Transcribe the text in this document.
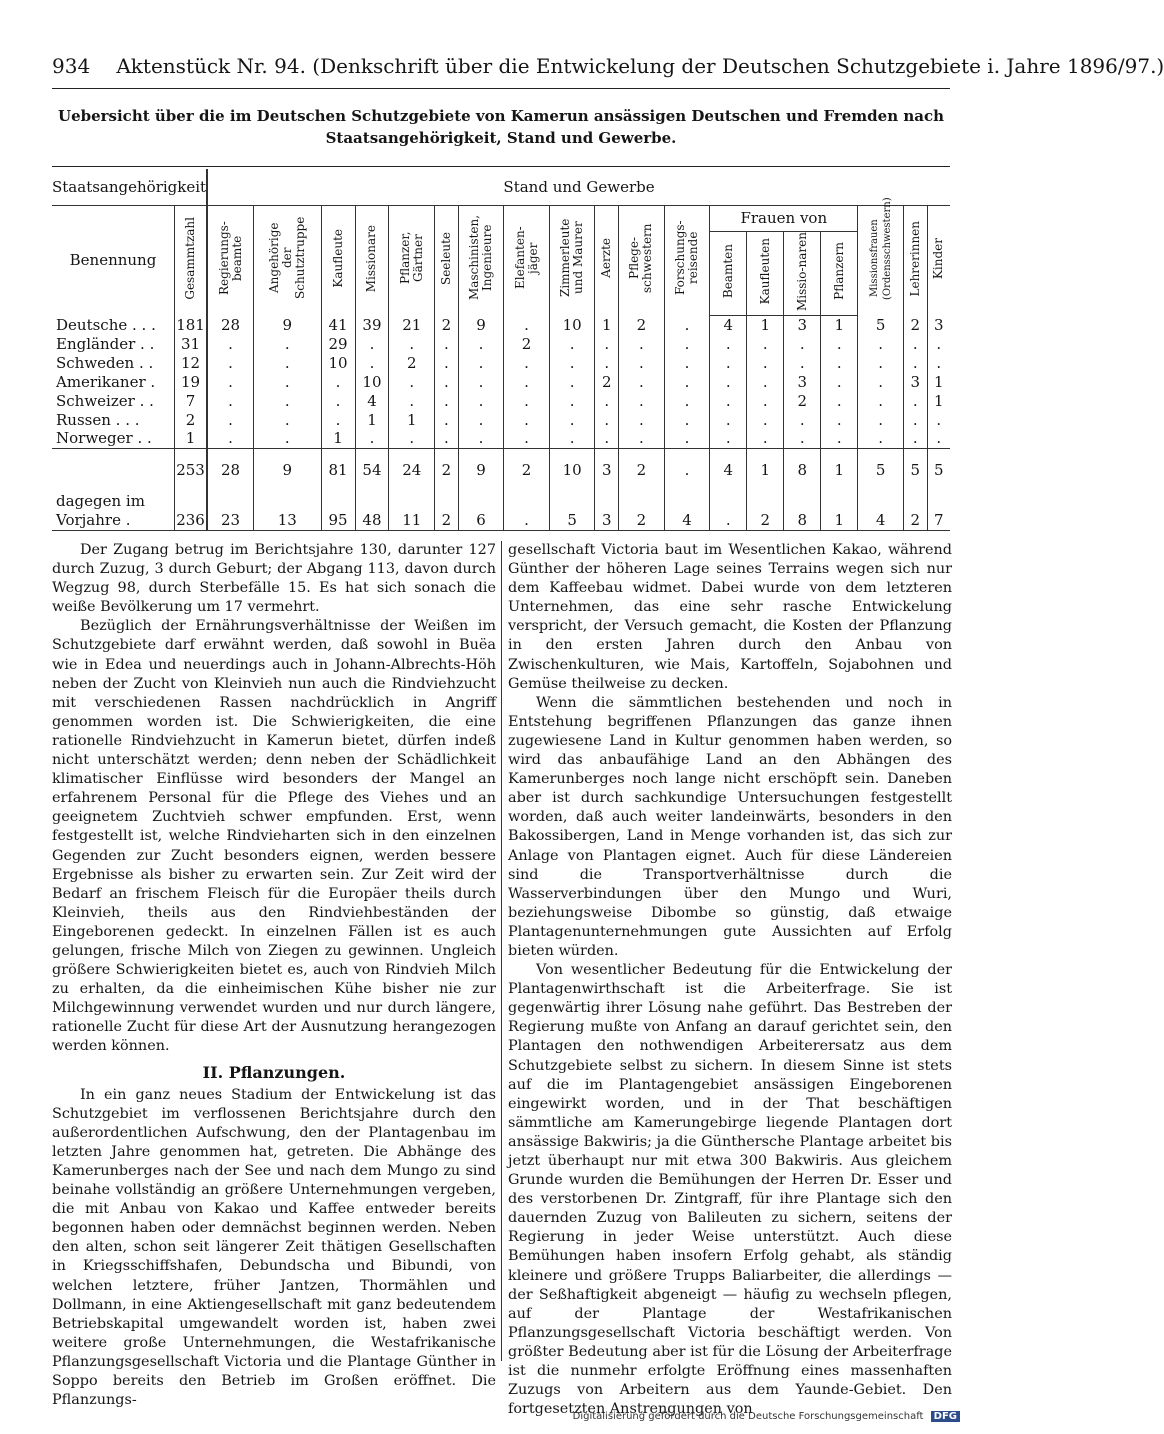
934 Aktenstück Nr. 94. (Denkschrift über die Entwickelung der Deutschen Schutzgebiete i. Jahre 1896/97.)
Uebersicht über die im Deutschen Schutzgebiete von Kamerun ansässigen Deutschen und Fremden nach Staatsangehörigkeit, Stand und Gewerbe.
Staatsangehörigkeit		Stand und Gewerbe																		
Benennung	Gesammtzahl	Regierungs-beamte	Angehörige der Schutztruppe	Kaufleute	Missionare	Pflanzer, Gärtner	Seeleute	Maschinisten, Ingenieure	Elefanten-jäger	Zimmerleute und Maurer	Aerzte	Pflege-schwestern	Forschungs-reisende	Frauen von				Missionsfrauen (Ordensschwestern)	Lehrerinnen	Kinder
														Beamten	Kaufleuten	Missio-naren	Pflanzern			
Deutsche . . .	181	28	9	41	39	21	2	9	.	10	1	2	.	4	1	3	1	5	2	3
Engländer . .	31	.	.	29	.	.	.	.	2	.	.	.	.	.	.	.	.	.	.	.
Schweden . .	12	.	.	10	.	2	.	.	.	.	.	.	.	.	.	.	.	.	.	.
Amerikaner .	19	.	.	.	10	.	.	.	.	.	2	.	.	.	.	3	.	.	3	1
Schweizer . .	7	.	.	.	4	.	.	.	.	.	.	.	.	.	.	2	.	.	.	1
Russen . . .	2	.	.	.	1	1	.	.	.	.	.	.	.	.	.	.	.	.	.	.
Norweger . .	1	.	.	1	.	.	.	.	.	.	.	.	.	.	.	.	.	.	.	.
	253	28	9	81	54	24	2	9	2	10	3	2	.	4	1	8	1	5	5	5
dagegen im																				
Vorjahre .	236	23	13	95	48	11	2	6	.	5	3	2	4	.	2	8	1	4	2	7

Der Zugang betrug im Berichtsjahre 130, darunter 127 durch Zuzug, 3 durch Geburt; der Abgang 113, davon durch Wegzug 98, durch Sterbefälle 15. Es hat sich sonach die weiße Bevölkerung um 17 vermehrt.

Bezüglich der Ernährungsverhältnisse der Weißen im Schutzgebiete darf erwähnt werden, daß sowohl in Buëa wie in Edea und neuerdings auch in Johann-Albrechts-Höh neben der Zucht von Kleinvieh nun auch die Rindviehzucht mit verschiedenen Rassen nachdrücklich in Angriff genommen worden ist. Die Schwierigkeiten, die eine rationelle Rindviehzucht in Kamerun bietet, dürfen indeß nicht unterschätzt werden; denn neben der Schädlichkeit klimatischer Einflüsse wird besonders der Mangel an erfahrenem Personal für die Pflege des Viehes und an geeignetem Zuchtvieh schwer empfunden. Erst, wenn festgestellt ist, welche Rindvieharten sich in den einzelnen Gegenden zur Zucht besonders eignen, werden bessere Ergebnisse als bisher zu erwarten sein. Zur Zeit wird der Bedarf an frischem Fleisch für die Europäer theils durch Kleinvieh, theils aus den Rindviehbeständen der Eingeborenen gedeckt. In einzelnen Fällen ist es auch gelungen, frische Milch von Ziegen zu gewinnen. Ungleich größere Schwierigkeiten bietet es, auch von Rindvieh Milch zu erhalten, da die einheimischen Kühe bisher nie zur Milchgewinnung verwendet wurden und nur durch längere, rationelle Zucht für diese Art der Ausnutzung herangezogen werden können.

II. Pflanzungen.

In ein ganz neues Stadium der Entwickelung ist das Schutzgebiet im verflossenen Berichtsjahre durch den außerordentlichen Aufschwung, den der Plantagenbau im letzten Jahre genommen hat, getreten. Die Abhänge des Kamerunberges nach der See und nach dem Mungo zu sind beinahe vollständig an größere Unternehmungen vergeben, die mit Anbau von Kakao und Kaffee entweder bereits begonnen haben oder demnächst beginnen werden. Neben den alten, schon seit längerer Zeit thätigen Gesellschaften in Kriegsschiffshafen, Debundscha und Bibundi, von welchen letztere, früher Jantzen, Thormählen und Dollmann, in eine Aktiengesellschaft mit ganz bedeutendem Betriebskapital umgewandelt worden ist, haben zwei weitere große Unternehmungen, die Westafrikanische Pflanzungsgesellschaft Victoria und die Plantage Günther in Soppo bereits den Betrieb im Großen eröffnet. Die Pflanzungs-

gesellschaft Victoria baut im Wesentlichen Kakao, während Günther der höheren Lage seines Terrains wegen sich nur dem Kaffeebau widmet. Dabei wurde von dem letzteren Unternehmen, das eine sehr rasche Entwickelung verspricht, der Versuch gemacht, die Kosten der Pflanzung in den ersten Jahren durch den Anbau von Zwischenkulturen, wie Mais, Kartoffeln, Sojabohnen und Gemüse theilweise zu decken.

Wenn die sämmtlichen bestehenden und noch in Entstehung begriffenen Pflanzungen das ganze ihnen zugewiesene Land in Kultur genommen haben werden, so wird das anbaufähige Land an den Abhängen des Kamerunberges noch lange nicht erschöpft sein. Daneben aber ist durch sachkundige Untersuchungen festgestellt worden, daß auch weiter landeinwärts, besonders in den Bakossibergen, Land in Menge vorhanden ist, das sich zur Anlage von Plantagen eignet. Auch für diese Ländereien sind die Transportverhältnisse durch die Wasserverbindungen über den Mungo und Wuri, beziehungsweise Dibombe so günstig, daß etwaige Plantagenunternehmungen gute Aussichten auf Erfolg bieten würden.

Von wesentlicher Bedeutung für die Entwickelung der Plantagenwirthschaft ist die Arbeiterfrage. Sie ist gegenwärtig ihrer Lösung nahe geführt. Das Bestreben der Regierung mußte von Anfang an darauf gerichtet sein, den Plantagen den nothwendigen Arbeiterersatz aus dem Schutzgebiete selbst zu sichern. In diesem Sinne ist stets auf die im Plantagengebiet ansässigen Eingeborenen eingewirkt worden, und in der That beschäftigen sämmtliche am Kamerungebirge liegende Plantagen dort ansässige Bakwiris; ja die Günthersche Plantage arbeitet bis jetzt überhaupt nur mit etwa 300 Bakwiris. Aus gleichem Grunde wurden die Bemühungen der Herren Dr. Esser und des verstorbenen Dr. Zintgraff, für ihre Plantage sich den dauernden Zuzug von Balileuten zu sichern, seitens der Regierung in jeder Weise unterstützt. Auch diese Bemühungen haben insofern Erfolg gehabt, als ständig kleinere und größere Trupps Baliarbeiter, die allerdings — der Seßhaftigkeit abgeneigt — häufig zu wechseln pflegen, auf der Plantage der Westafrikanischen Pflanzungsgesellschaft Victoria beschäftigt werden. Von größter Bedeutung aber ist für die Lösung der Arbeiterfrage ist die nunmehr erfolgte Eröffnung eines massenhaften Zuzugs von Arbeitern aus dem Yaunde-Gebiet. Den fortgesetzten Anstrengungen von

Digitalisierung gefördert durch die Deutsche Forschungsgemeinschaft DFG
